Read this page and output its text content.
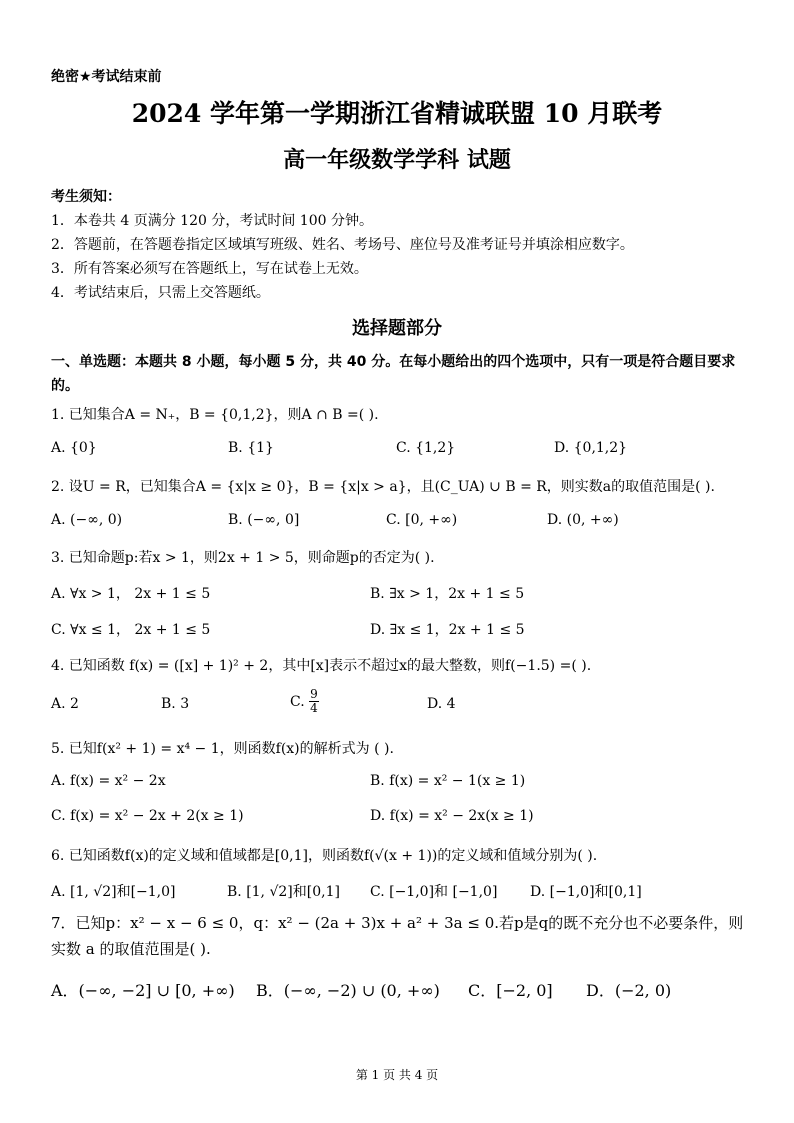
绝密★考试结束前
2024 学年第一学期浙江省精诚联盟 10 月联考
高一年级数学学科 试题
考生须知：
1．本卷共 4 页满分 120 分，考试时间 100 分钟。
2．答题前，在答题卷指定区域填写班级、姓名、考场号、座位号及准考证号并填涂相应数字。
3．所有答案必须写在答题纸上，写在试卷上无效。
4．考试结束后，只需上交答题纸。
选择题部分
一、单选题：本题共 8 小题，每小题 5 分，共 40 分。在每小题给出的四个选项中，只有一项是符合题目要求的。
1. 已知集合A = N₊，B = {0,1,2}，则A ∩ B =( ).
A. {0}	B. {1}	C. {1,2}	D. {0,1,2}
2. 设U = R，已知集合A = {x|x ≥ 0}，B = {x|x > a}，且(C_UA) ∪ B = R，则实数a的取值范围是( ).
A. (−∞, 0)	B. (−∞, 0]	C. [0, +∞)	D. (0, +∞)
3. 已知命题p:若x > 1，则2x + 1 > 5，则命题p的否定为( ).
A. ∀x > 1， 2x + 1 ≤ 5	B. ∃x > 1，2x + 1 ≤ 5
C. ∀x ≤ 1， 2x + 1 ≤ 5	D. ∃x ≤ 1，2x + 1 ≤ 5
4. 已知函数 f(x) = ([x] + 1)² + 2，其中[x]表示不超过x的最大整数，则f(−1.5) =( ).
A. 2	B. 3	C. $\frac{9}{4}$	D. 4
5. 已知f(x² + 1) = x⁴ − 1，则函数f(x)的解析式为 ( ).
A. f(x) = x² − 2x	B. f(x) = x² − 1(x ≥ 1)
C. f(x) = x² − 2x + 2(x ≥ 1)	D. f(x) = x² − 2x(x ≥ 1)
6. 已知函数f(x)的定义域和值域都是[0,1]，则函数f(√(x + 1))的定义域和值域分别为( ).
A. [1, √2]和[−1,0]	B. [1, √2]和[0,1] C. [−1,0]和 [−1,0] D. [−1,0]和[0,1]
7．已知p：x² − x − 6 ≤ 0，q：x² − (2a + 3)x + a² + 3a ≤ 0.若p是q的既不充分也不必要条件，则实数 a 的取值范围是( ).
A．(−∞, −2] ∪ [0, +∞) B．(−∞, −2) ∪ (0, +∞) C．[−2, 0] D．(−2, 0)
第 1 页 共 4 页
